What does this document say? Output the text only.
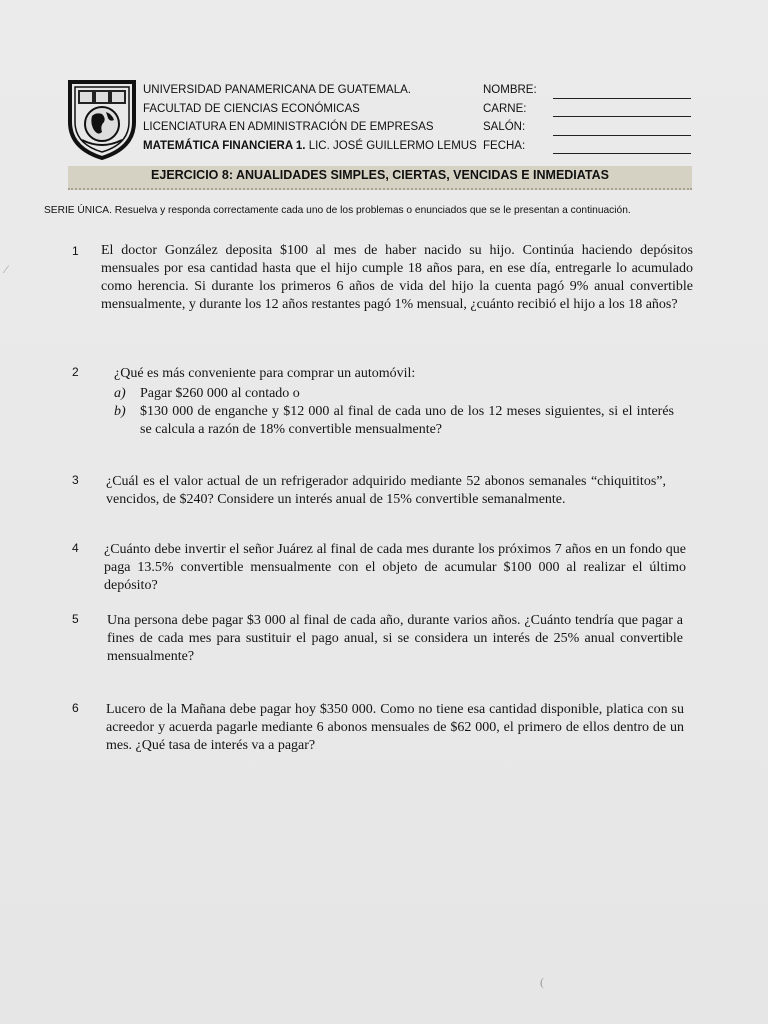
UNIVERSIDAD PANAMERICANA DE GUATEMALA.
FACULTAD DE CIENCIAS ECONÓMICAS
LICENCIATURA EN ADMINISTRACIÓN DE EMPRESAS
MATEMÁTICA FINANCIERA 1. LIC. JOSÉ GUILLERMO LEMUS
NOMBRE:
CARNE:
SALÓN:
FECHA:
EJERCICIO 8: ANUALIDADES SIMPLES, CIERTAS, VENCIDAS E INMEDIATAS
SERIE ÚNICA. Resuelva y responda correctamente cada uno de los problemas o enunciados que se le presentan a continuación.
1 El doctor González deposita $100 al mes de haber nacido su hijo. Continúa haciendo depósitos mensuales por esa cantidad hasta que el hijo cumple 18 años para, en ese día, entregarle lo acumulado como herencia. Si durante los primeros 6 años de vida del hijo la cuenta pagó 9% anual convertible mensualmente, y durante los 12 años restantes pagó 1% mensual, ¿cuánto recibió el hijo a los 18 años?
2	¿Qué es más conveniente para comprar un automóvil:
a) Pagar $260 000 al contado o
b) $130 000 de enganche y $12 000 al final de cada uno de los 12 meses siguientes, si el interés se calcula a razón de 18% convertible mensualmente?
3 ¿Cuál es el valor actual de un refrigerador adquirido mediante 52 abonos semanales “chiquititos”, vencidos, de $240? Considere un interés anual de 15% convertible semanalmente.
4 ¿Cuánto debe invertir el señor Juárez al final de cada mes durante los próximos 7 años en un fondo que paga 13.5% convertible mensualmente con el objeto de acumular $100 000 al realizar el último depósito?
5 Una persona debe pagar $3 000 al final de cada año, durante varios años. ¿Cuánto tendría que pagar a fines de cada mes para sustituir el pago anual, si se considera un interés de 25% anual convertible mensualmente?
6 Lucero de la Mañana debe pagar hoy $350 000. Como no tiene esa cantidad disponible, platica con su acreedor y acuerda pagarle mediante 6 abonos mensuales de $62 000, el primero de ellos dentro de un mes. ¿Qué tasa de interés va a pagar?
⁄
(
